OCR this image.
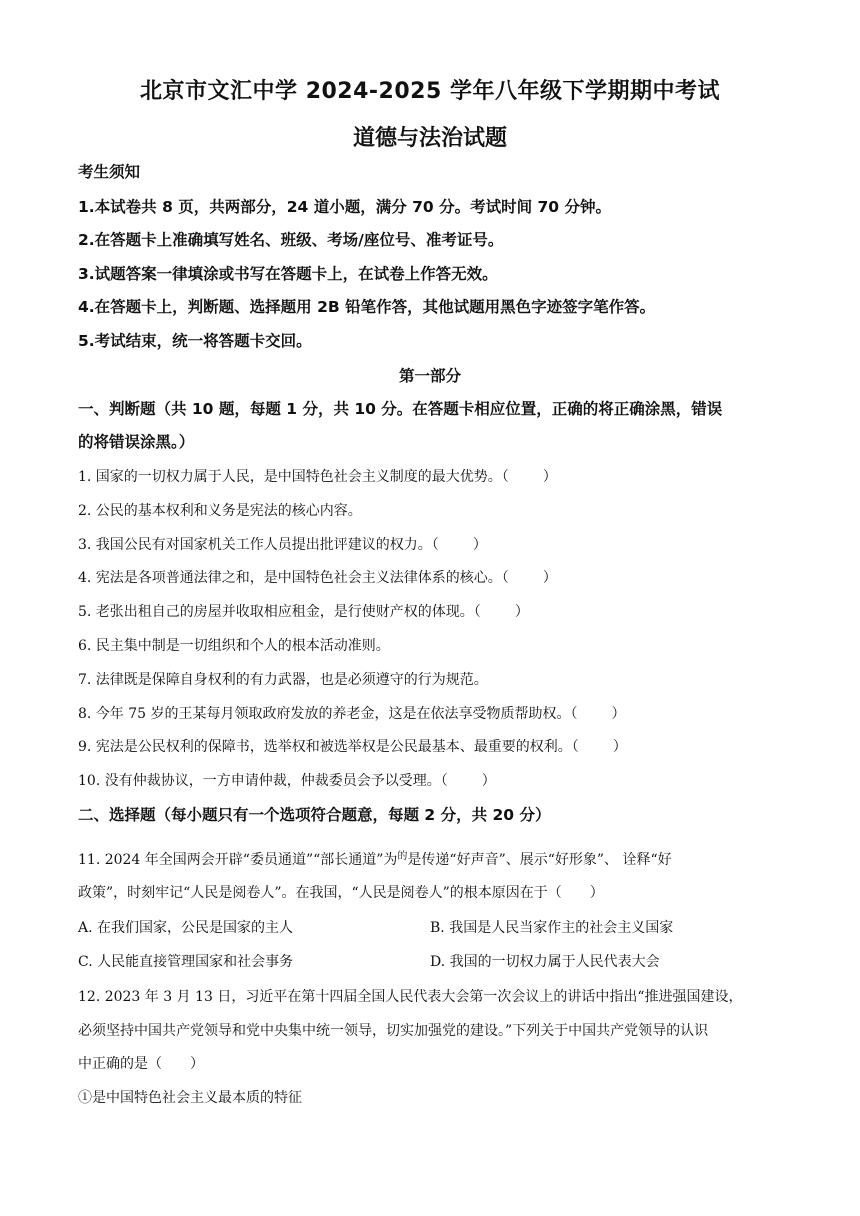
北京市文汇中学 2024-2025 学年八年级下学期期中考试
道德与法治试题
考生须知
1.本试卷共 8 页，共两部分，24 道小题，满分 70 分。考试时间 70 分钟。
2.在答题卡上准确填写姓名、班级、考场/座位号、准考证号。
3.试题答案一律填涂或书写在答题卡上，在试卷上作答无效。
4.在答题卡上，判断题、选择题用 2B 铅笔作答，其他试题用黑色字迹签字笔作答。
5.考试结束，统一将答题卡交回。
第一部分
一、判断题（共 10 题，每题 1 分，共 10 分。在答题卡相应位置，正确的将正确涂黑，错误
的将错误涂黑。）
1. 国家的一切权力属于人民，是中国特色社会主义制度的最大优势。（ ）
2. 公民的基本权利和义务是宪法的核心内容。
3. 我国公民有对国家机关工作人员提出批评建议的权力。（ ）
4. 宪法是各项普通法律之和，是中国特色社会主义法律体系的核心。（ ）
5. 老张出租自己的房屋并收取相应租金，是行使财产权的体现。（ ）
6. 民主集中制是一切组织和个人的根本活动准则。
7. 法律既是保障自身权利的有力武器，也是必须遵守的行为规范。
8. 今年 75 岁的王某每月领取政府发放的养老金，这是在依法享受物质帮助权。（ ）
9. 宪法是公民权利的保障书，选举权和被选举权是公民最基本、最重要的权利。（ ）
10. 没有仲裁协议，一方申请仲裁，仲裁委员会予以受理。（ ）
二、选择题（每小题只有一个选项符合题意，每题 2 分，共 20 分）
11. 2024 年全国两会开辟“委员通道”“部长通道”为$^的$是传递“好声音”、展示“好形象”、 诠释“好
政策”，时刻牢记“人民是阅卷人”。在我国，“人民是阅卷人”的根本原因在于（　　）
A. 在我们国家，公民是国家的主人	B. 我国是人民当家作主的社会主义国家
C. 人民能直接管理国家和社会事务	D. 我国的一切权力属于人民代表大会
12. 2023 年 3 月 13 日，习近平在第十四届全国人民代表大会第一次会议上的讲话中指出“推进强国建设，
必须坚持中国共产党领导和党中央集中统一领导，切实加强党的建设。”下列关于中国共产党领导的认识
中正确的是（　　）
①是中国特色社会主义最本质的特征
